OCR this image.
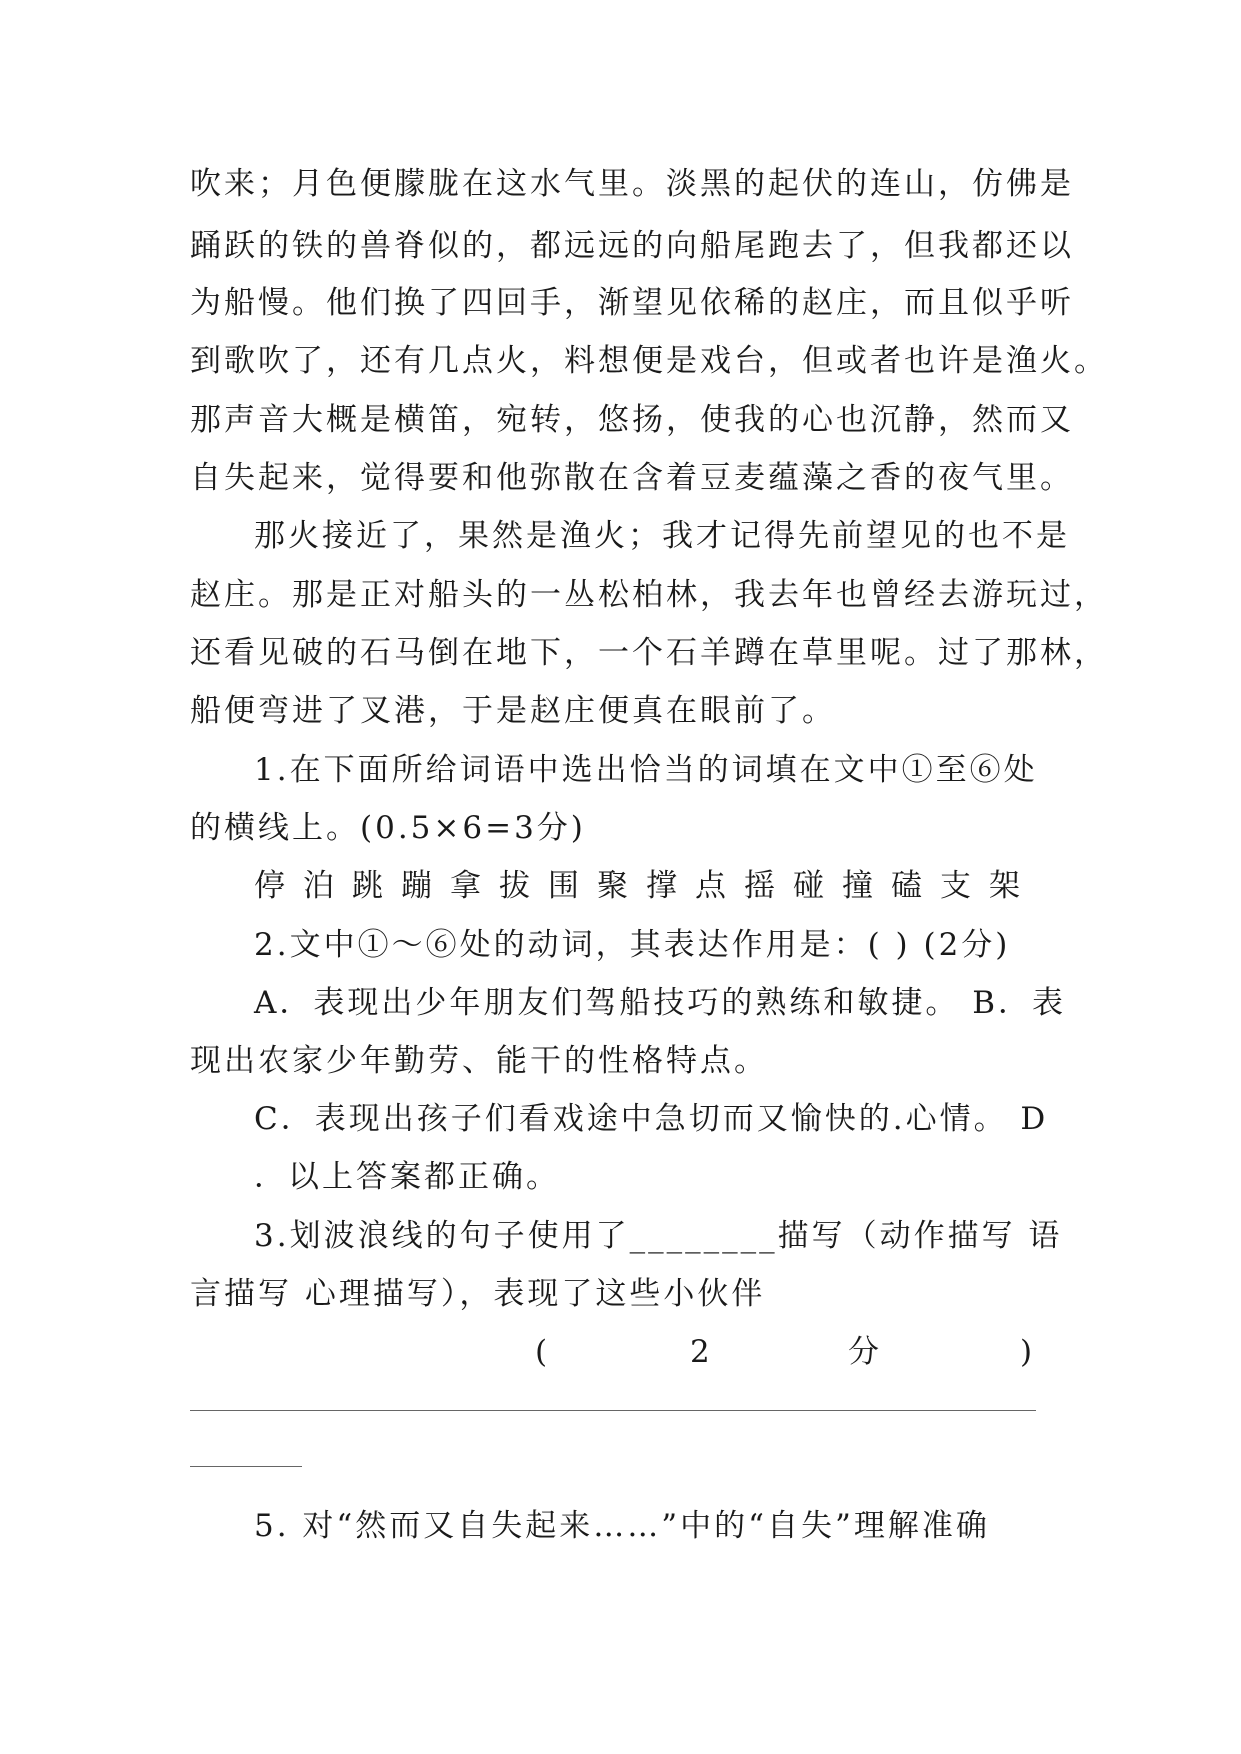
吹来；月色便朦胧在这水气里。淡黑的起伏的连山，仿佛是
踊跃的铁的兽脊似的，都远远的向船尾跑去了，但我都还以
为船慢。他们换了四回手，渐望见依稀的赵庄，而且似乎听
到歌吹了，还有几点火，料想便是戏台，但或者也许是渔火。
那声音大概是横笛，宛转，悠扬，使我的心也沉静，然而又
自失起来，觉得要和他弥散在含着豆麦蕴藻之香的夜气里。
那火接近了，果然是渔火；我才记得先前望见的也不是
赵庄。那是正对船头的一丛松柏林，我去年也曾经去游玩过，
还看见破的石马倒在地下，一个石羊蹲在草里呢。过了那林，
船便弯进了叉港，于是赵庄便真在眼前了。
1.在下面所给词语中选出恰当的词填在文中①至⑥处
的横线上。(0.5×6=3分)
停泊跳蹦拿拔围聚撑点摇碰撞磕支架
2.文中①～⑥处的动词，其表达作用是：( ) (2分)
A．表现出少年朋友们驾船技巧的熟练和敏捷。 B．表
现出农家少年勤劳、能干的性格特点。
C．表现出孩子们看戏途中急切而又愉快的.心情。 D
．以上答案都正确。
3.划波浪线的句子使用了________描写（动作描写 语
言描写 心理描写），表现了这些小伙伴
(	2	分	)
5. 对“然而又自失起来……”中的“自失”理解准确
